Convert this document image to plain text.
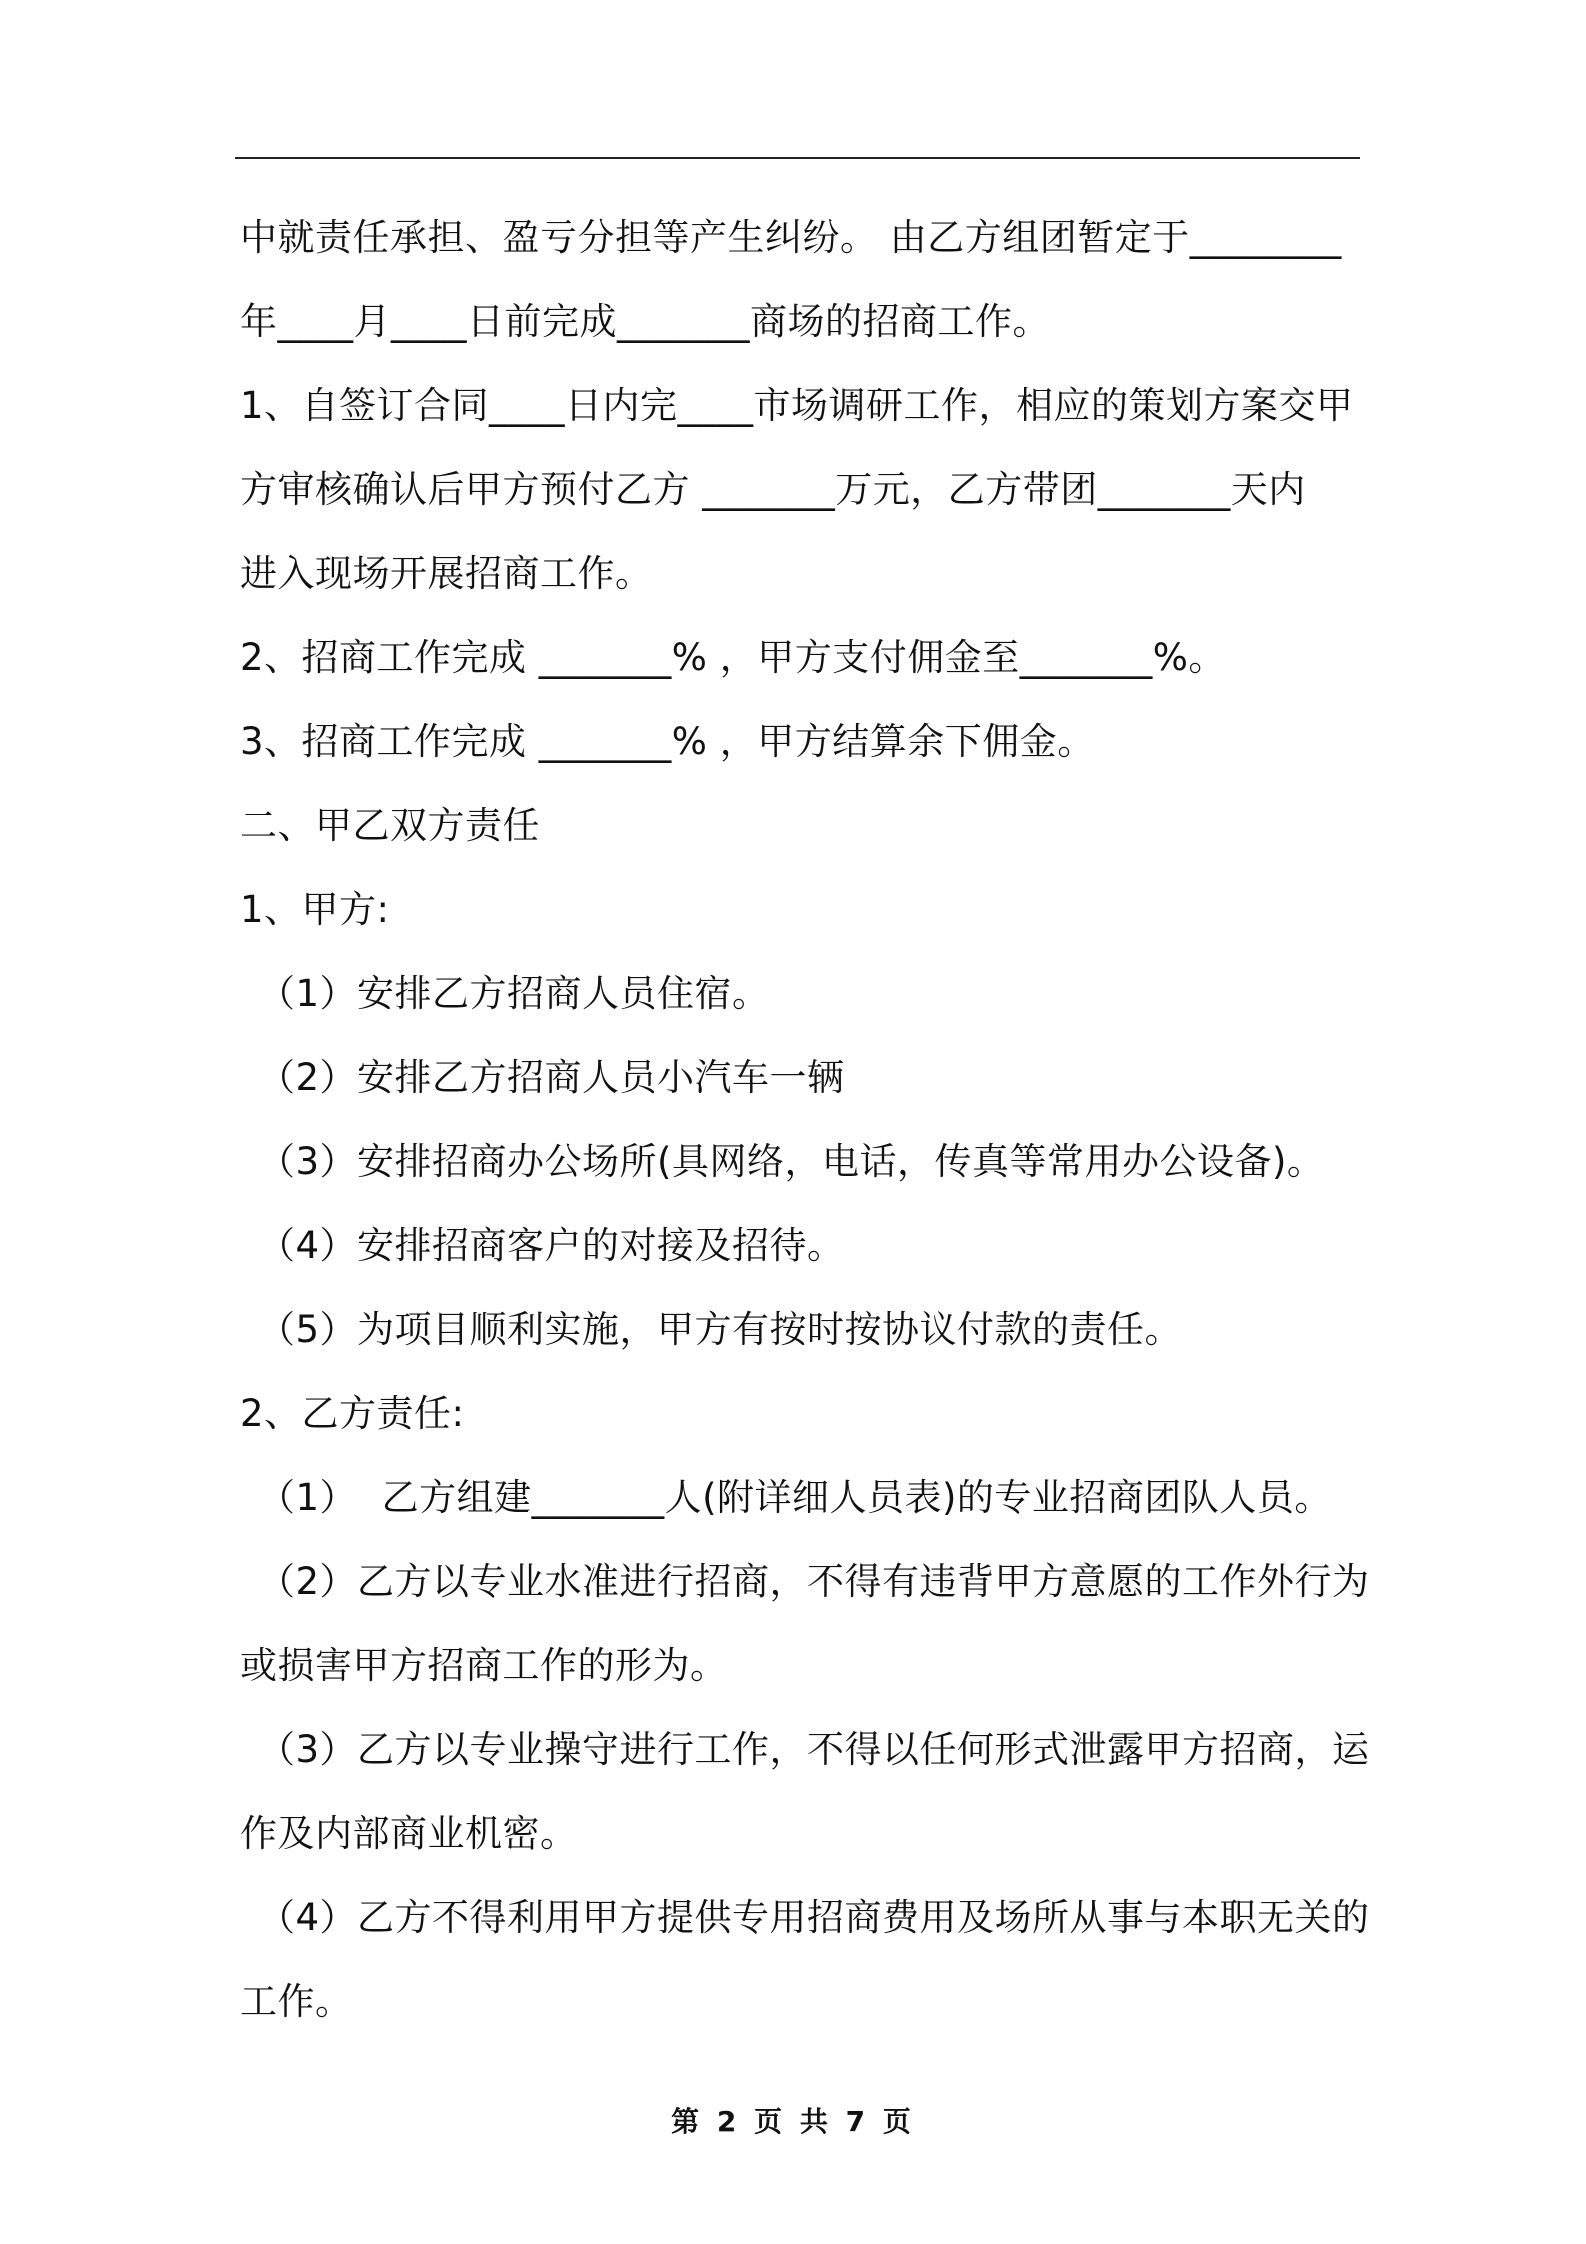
中就责任承担、盈亏分担等产生纠纷。 由乙方组团暂定于________
年____月____日前完成_______商场的招商工作。
1、自签订合同____日内完____市场调研工作，相应的策划方案交甲
方审核确认后甲方预付乙方 _______万元，乙方带团_______天内
进入现场开展招商工作。
2、招商工作完成 _______% ，甲方支付佣金至_______%。
3、招商工作完成 _______% ，甲方结算余下佣金。
二、甲乙双方责任
1、甲方:
（1）安排乙方招商人员住宿。
（2）安排乙方招商人员小汽车一辆
（3）安排招商办公场所(具网络，电话，传真等常用办公设备)。
（4）安排招商客户的对接及招待。
（5）为项目顺利实施，甲方有按时按协议付款的责任。
2、乙方责任:
（1）  乙方组建_______人(附详细人员表)的专业招商团队人员。
（2）乙方以专业水准进行招商，不得有违背甲方意愿的工作外行为
或损害甲方招商工作的形为。
（3）乙方以专业操守进行工作，不得以任何形式泄露甲方招商，运
作及内部商业机密。
（4）乙方不得利用甲方提供专用招商费用及场所从事与本职无关的
工作。
第 2 页 共 7 页
